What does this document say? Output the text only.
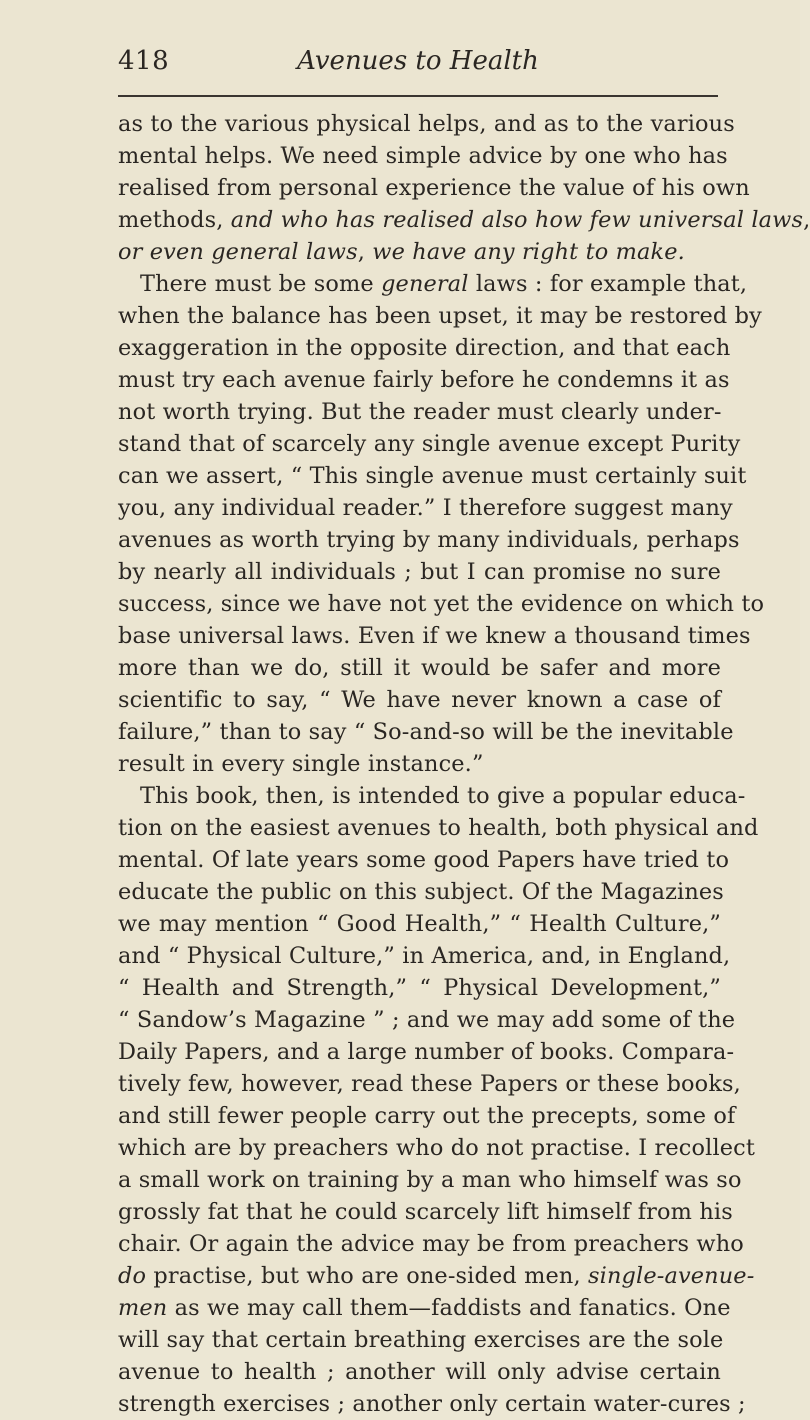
418	Avenues to Health
as to the various physical helps, and as to the various
mental helps. We need simple advice by one who has
realised from personal experience the value of his own
methods, and who has realised also how few universal laws,
or even general laws, we have any right to make.
There must be some general laws : for example that,
when the balance has been upset, it may be restored by
exaggeration in the opposite direction, and that each
must try each avenue fairly before he condemns it as
not worth trying. But the reader must clearly under-
stand that of scarcely any single avenue except Purity
can we assert, “ This single avenue must certainly suit
you, any individual reader.” I therefore suggest many
avenues as worth trying by many individuals, perhaps
by nearly all individuals ; but I can promise no sure
success, since we have not yet the evidence on which to
base universal laws. Even if we knew a thousand times
more than we do, still it would be safer and more
scientific to say, “ We have never known a case of
failure,” than to say “ So-and-so will be the inevitable
result in every single instance.”
This book, then, is intended to give a popular educa-
tion on the easiest avenues to health, both physical and
mental. Of late years some good Papers have tried to
educate the public on this subject. Of the Magazines
we may mention “ Good Health,” “ Health Culture,”
and “ Physical Culture,” in America, and, in England,
“ Health and Strength,” “ Physical Development,”
“ Sandow’s Magazine ” ; and we may add some of the
Daily Papers, and a large number of books. Compara-
tively few, however, read these Papers or these books,
and still fewer people carry out the precepts, some of
which are by preachers who do not practise. I recollect
a small work on training by a man who himself was so
grossly fat that he could scarcely lift himself from his
chair. Or again the advice may be from preachers who
do practise, but who are one-sided men, single-avenue-
men as we may call them—faddists and fanatics. One
will say that certain breathing exercises are the sole
avenue to health ; another will only advise certain
strength exercises ; another only certain water-cures ;
